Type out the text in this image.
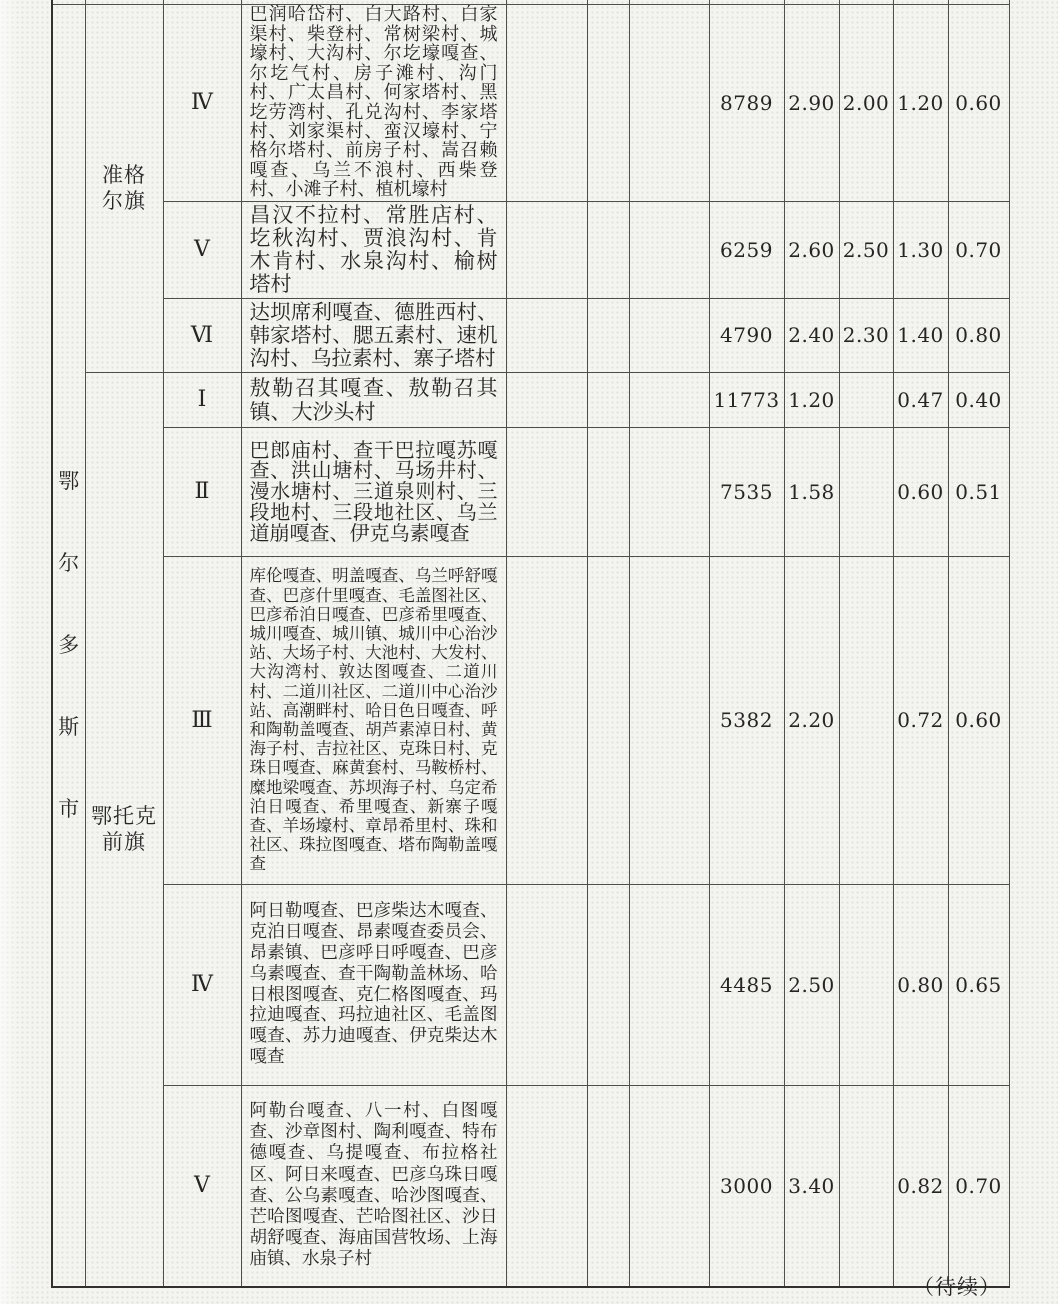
鄂
尔
多
斯
市

准格
尔旗
	Ⅳ	巴润哈岱村、白大路村、白家渠村、柴登村、常树梁村、城壕村、大沟村、尔圪壕嘎查、尔圪气村、房子滩村、沟门村、广太昌村、何家塔村、黑圪劳湾村、孔兑沟村、李家塔村、刘家渠村、蛮汉壕村、宁格尔塔村、前房子村、嵩召赖嘎查、乌兰不浪村、西柴登村、小滩子村、植机壕村				8789	2.90	2.00	1.20	0.60
		Ⅴ	昌汉不拉村、常胜店村、圪秋沟村、贾浪沟村、肯木肯村、水泉沟村、榆树塔村				6259	2.60	2.50	1.30	0.70
		Ⅵ	达坝席利嘎查、德胜西村、韩家塔村、腮五素村、速机沟村、乌拉素村、寨子塔村				4790	2.40	2.30	1.40	0.80

	鄂托克
前旗	Ⅰ	敖勒召其嘎查、敖勒召其镇、大沙头村				11773	1.20		0.47	0.40
		Ⅱ	巴郎庙村、查干巴拉嘎苏嘎查、洪山塘村、马场井村、漫水塘村、三道泉则村、三段地村、三段地社区、乌兰道崩嘎查、伊克乌素嘎查				7535	1.58		0.60	0.51
		Ⅲ	库伦嘎查、明盖嘎查、乌兰呼舒嘎查、巴彦什里嘎查、毛盖图社区、巴彦希泊日嘎查、巴彦希里嘎查、城川嘎查、城川镇、城川中心治沙站、大场子村、大池村、大发村、大沟湾村、敦达图嘎查、二道川村、二道川社区、二道川中心治沙站、高潮畔村、哈日色日嘎查、呼和陶勒盖嘎查、胡芦素淖日村、黄海子村、吉拉社区、克珠日村、克珠日嘎查、麻黄套村、马鞍桥村、糜地梁嘎查、苏坝海子村、乌定希泊日嘎查、希里嘎查、新寨子嘎查、羊场壕村、章昂希里村、珠和社区、珠拉图嘎查、塔布陶勒盖嘎查				5382	2.20		0.72	0.60
		Ⅳ	阿日勒嘎查、巴彦柴达木嘎查、克泊日嘎查、昂素嘎查委员会、昂素镇、巴彦呼日呼嘎查、巴彦乌素嘎查、查干陶勒盖林场、哈日根图嘎查、克仁格图嘎查、玛拉迪嘎查、玛拉迪社区、毛盖图嘎查、苏力迪嘎查、伊克柴达木嘎查				4485	2.50		0.80	0.65
		Ⅴ	阿勒台嘎查、八一村、白图嘎查、沙章图村、陶利嘎查、特布德嘎查、乌提嘎查、布拉格社区、阿日来嘎查、巴彦乌珠日嘎查、公乌素嘎查、哈沙图嘎查、芒哈图嘎查、芒哈图社区、沙日胡舒嘎查、海庙国营牧场、上海庙镇、水泉子村				3000	3.40		0.82	0.70
（待续）
